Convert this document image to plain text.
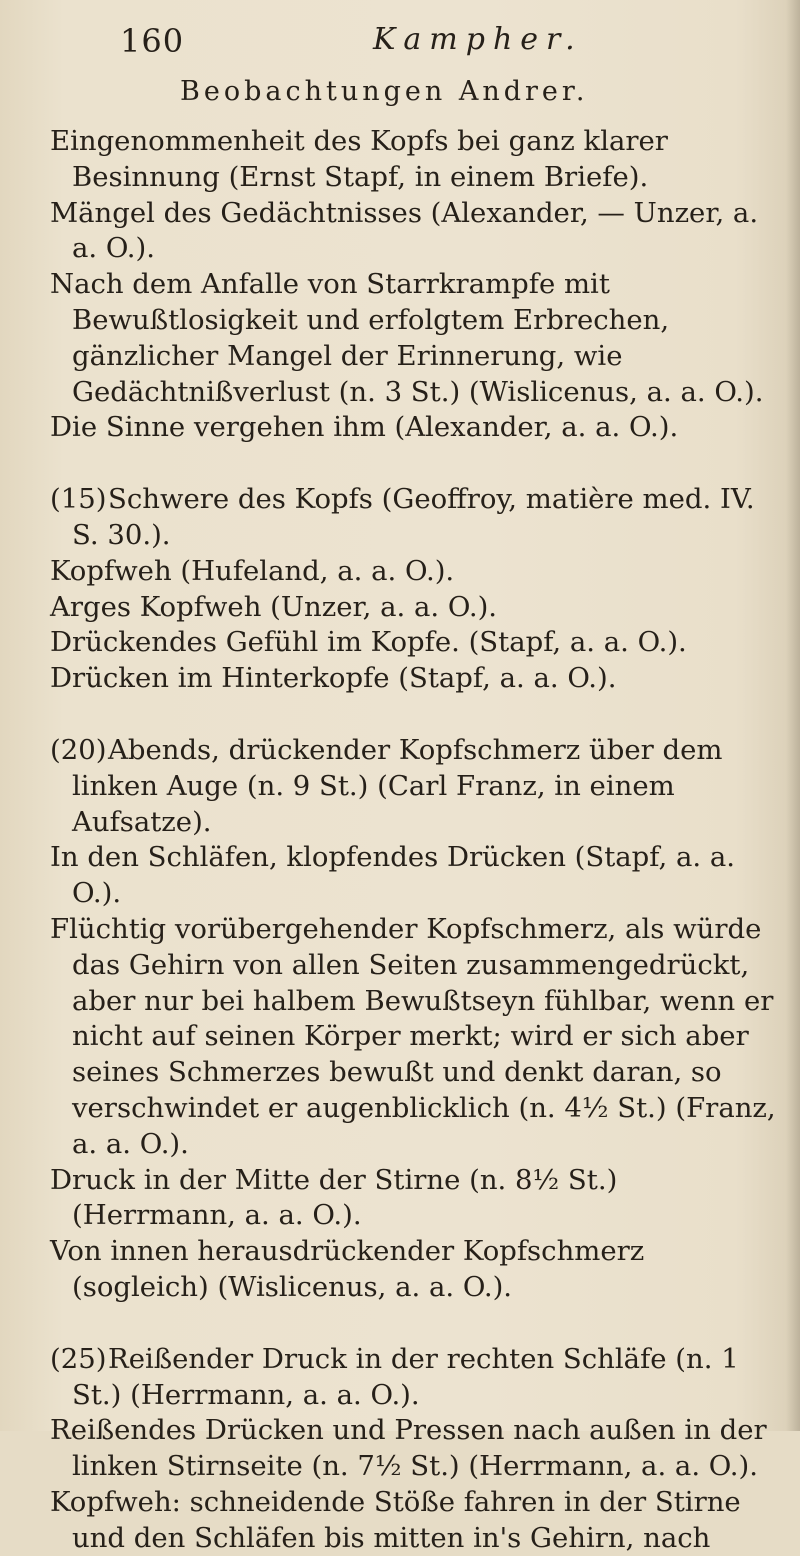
160	Kampher.
Beobachtungen Andrer.

Eingenommenheit des Kopfs bei ganz klarer Besinnung (Ernst Stapf, in einem Briefe).

Mängel des Gedächtnisses (Alexander, — Unzer, a. a. O.).

Nach dem Anfalle von Starrkrampfe mit Bewußtlosigkeit und erfolgtem Erbrechen, gänzlicher Mangel der Erinnerung, wie Gedächtnißverlust (n. 3 St.) (Wislicenus, a. a. O.).

Die Sinne vergehen ihm (Alexander, a. a. O.).

(15)Schwere des Kopfs (Geoffroy, matière med. IV. S. 30.).

Kopfweh (Hufeland, a. a. O.).

Arges Kopfweh (Unzer, a. a. O.).

Drückendes Gefühl im Kopfe. (Stapf, a. a. O.).

Drücken im Hinterkopfe (Stapf, a. a. O.).

(20)Abends, drückender Kopfschmerz über dem linken Auge (n. 9 St.) (Carl Franz, in einem Aufsatze).

In den Schläfen, klopfendes Drücken (Stapf, a. a. O.).

Flüchtig vorübergehender Kopfschmerz, als würde das Gehirn von allen Seiten zusammengedrückt, aber nur bei halbem Bewußtseyn fühlbar, wenn er nicht auf seinen Körper merkt; wird er sich aber seines Schmerzes bewußt und denkt daran, so verschwindet er augenblicklich (n. 4½ St.) (Franz, a. a. O.).

Druck in der Mitte der Stirne (n. 8½ St.) (Herrmann, a. a. O.).

Von innen herausdrückender Kopfschmerz (sogleich) (Wislicenus, a. a. O.).

(25)Reißender Druck in der rechten Schläfe (n. 1 St.) (Herrmann, a. a. O.).

Reißendes Drücken und Pressen nach außen in der linken Stirnseite (n. 7½ St.) (Herrmann, a. a. O.).

Kopfweh: schneidende Stöße fahren in der Stirne und den Schläfen bis mitten in's Gehirn, nach
